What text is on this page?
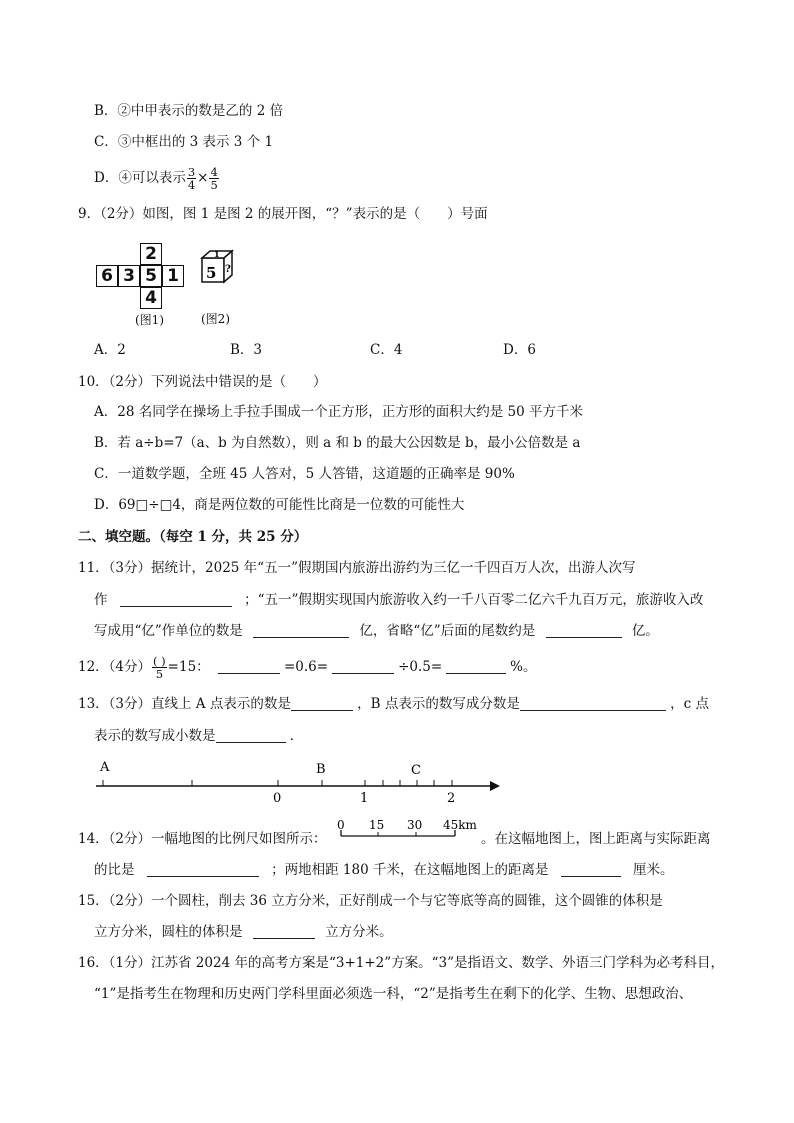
B．②中甲表示的数是乙的 2 倍
C．③中框出的 3 表示 3 个 1
D．④可以表示 $\frac{3}{4} \times \frac{4}{5}$
9．（2分）如图，图 1 是图 2 的展开图，“？”表示的是（　　）号面
2
6 3 5 1
4
5
1
?
(图1)	(图2)
A．2	B．3	C．4	D．6
10．（2分）下列说法中错误的是（　　）
A．28 名同学在操场上手拉手围成一个正方形，正方形的面积大约是 50 平方千米
B．若 a÷b=7（a、b 为自然数），则 a 和 b 的最大公因数是 b，最小公倍数是 a
C．一道数学题，全班 45 人答对，5 人答错，这道题的正确率是 90%
D．69□÷□4，商是两位数的可能性比商是一位数的可能性大
二、填空题。（每空 1 分，共 25 分）
11．（3分）据统计，2025 年“五一”假期国内旅游出游约为三亿一千四百万人次，出游人次写
作	；“五一”假期实现国内旅游收入约一千八百零二亿六千九百万元，旅游收入改
写成用“亿”作单位的数是	亿，省略“亿”后面的尾数约是	亿。
12．（4分） $\frac{( )}{5} =15$：	=0.6=	÷0.5=	%。
13．（3分）直线上 A 点表示的数是	，B 点表示的数写成分数是	，c 点
表示的数写成小数是	．
A	B	C
0	1	2
14．（2分）一幅地图的比例尺如图所示：
0 15 30 45km
。在这幅地图上，图上距离与实际距离
的比是	；两地相距 180 千米，在这幅地图上的距离是	厘米。
15．（2分）一个圆柱，削去 36 立方分米，正好削成一个与它等底等高的圆锥，这个圆锥的体积是
立方分米，圆柱的体积是	立方分米。
16．（1分）江苏省 2024 年的高考方案是“3+1+2”方案。“3”是指语文、数学、外语三门学科为必考科目，
“1”是指考生在物理和历史两门学科里面必须选一科，“2”是指考生在剩下的化学、生物、思想政治、
